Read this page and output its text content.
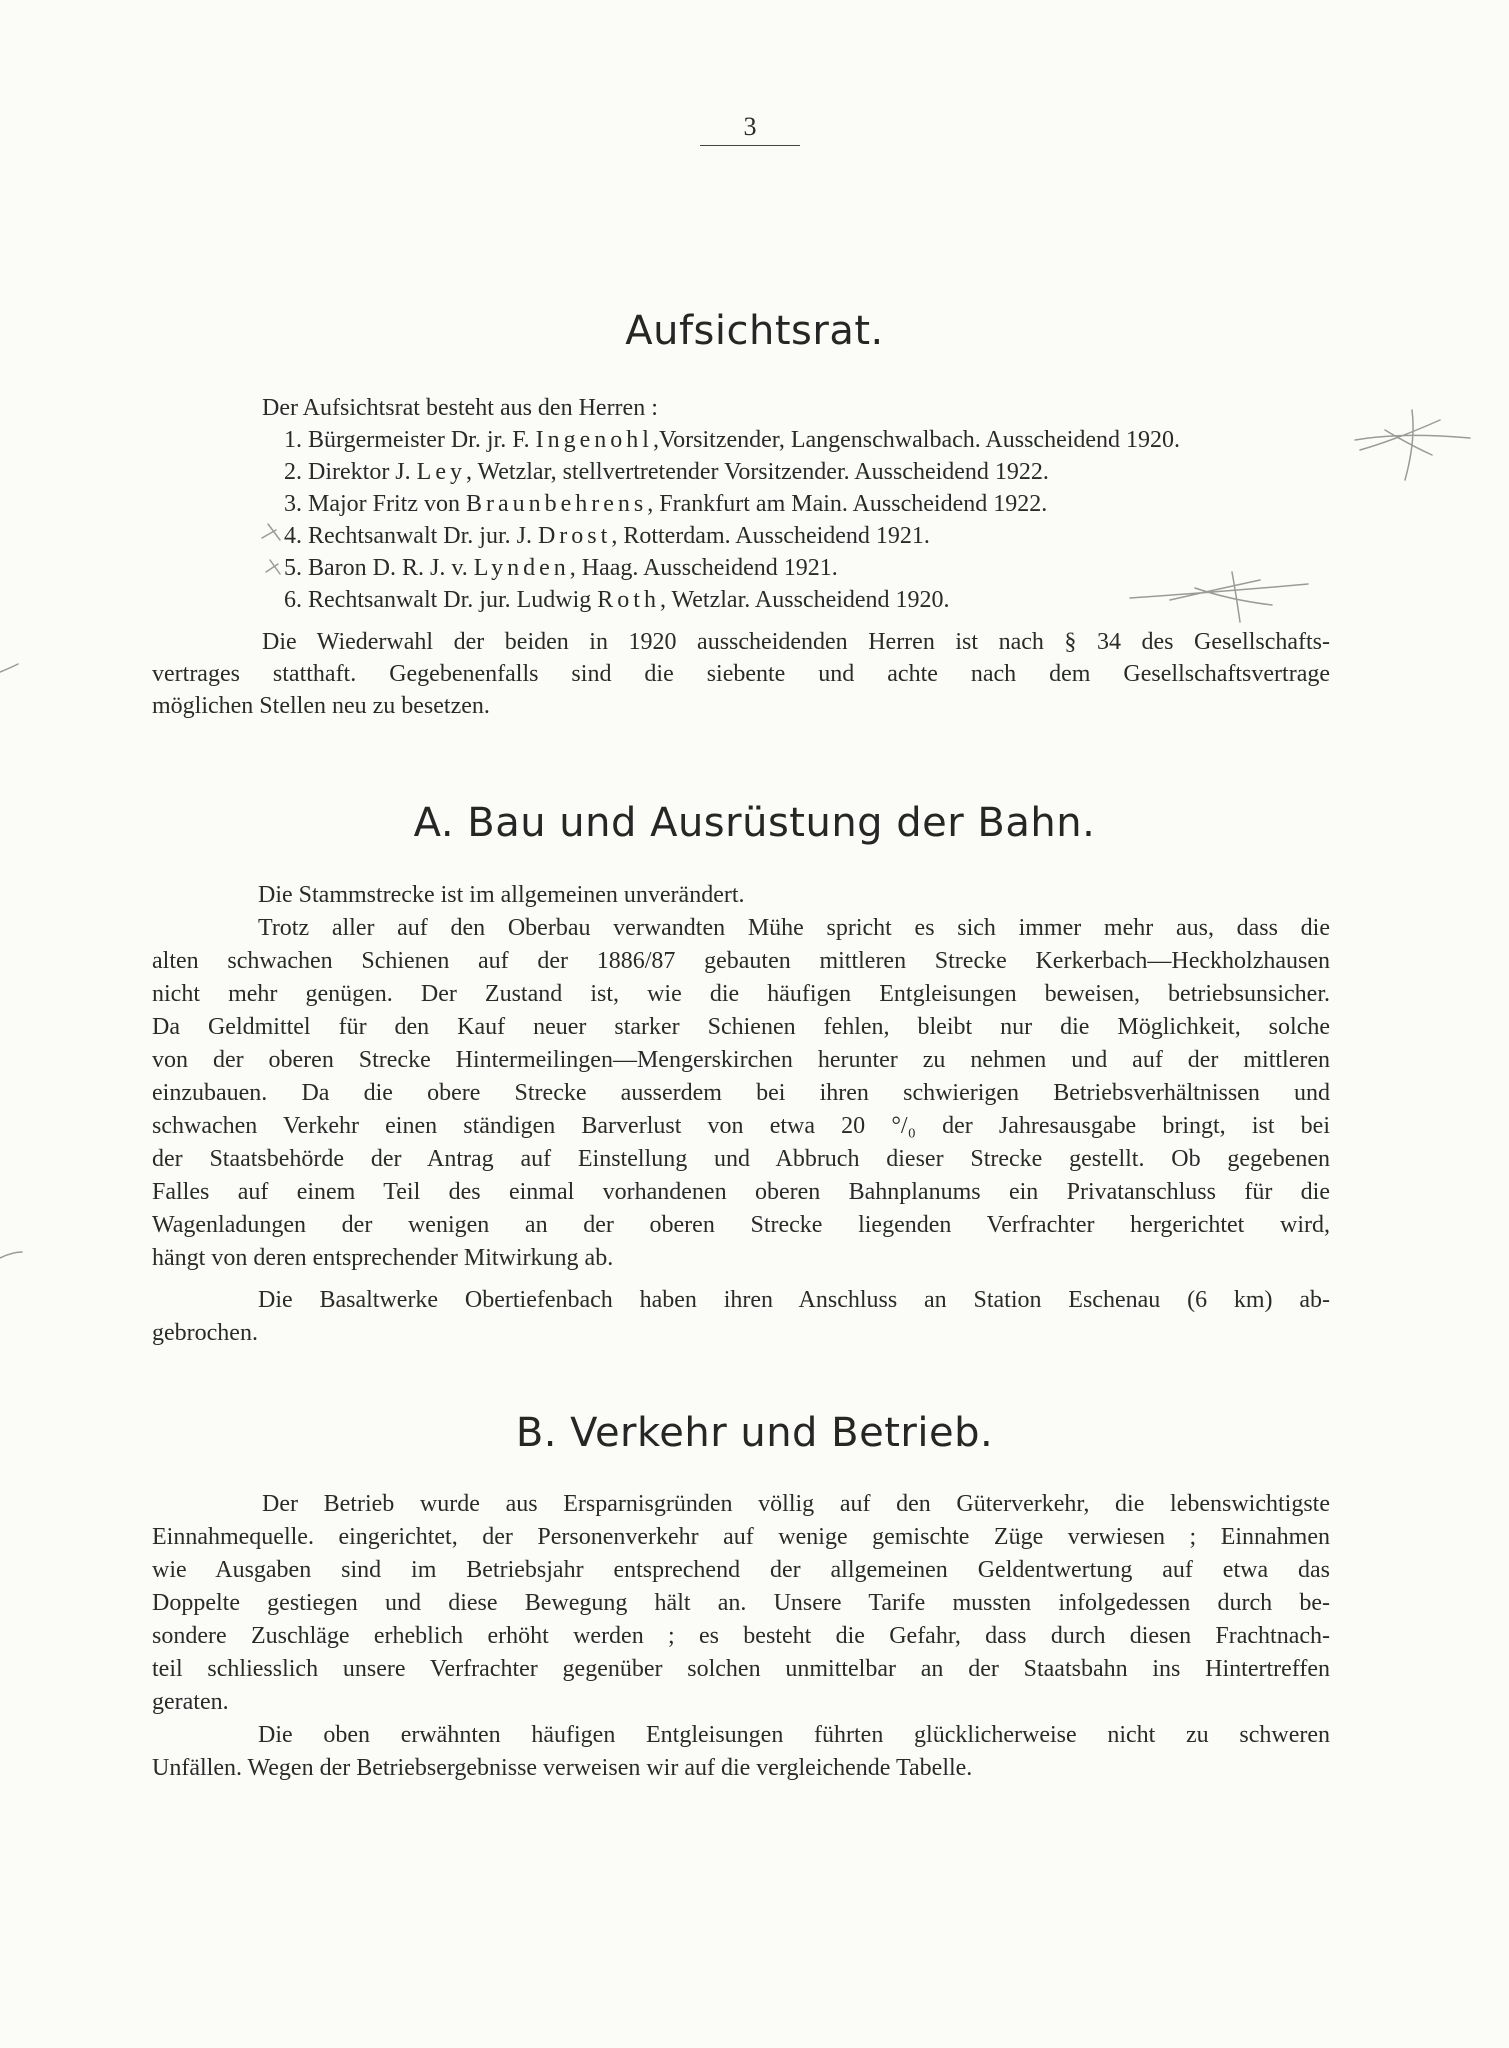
3
Aufsichtsrat.

Der Aufsichtsrat besteht aus den Herren :

1. Bürgermeister Dr. jr. F. Ingenohl,Vorsitzender, Langenschwalbach. Ausscheidend 1920.

2. Direktor J. Ley, Wetzlar, stellvertretender Vorsitzender. Ausscheidend 1922.

3. Major Fritz von Braunbehrens, Frankfurt am Main. Ausscheidend 1922.

4. Rechtsanwalt Dr. jur. J. Drost, Rotterdam. Ausscheidend 1921.

5. Baron D. R. J. v. Lynden, Haag. Ausscheidend 1921.

6. Rechtsanwalt Dr. jur. Ludwig Roth, Wetzlar. Ausscheidend 1920.

Die Wiederwahl der beiden in 1920 ausscheidenden Herren ist nach § 34 des Gesellschafts-

vertrages statthaft. Gegebenenfalls sind die siebente und achte nach dem Gesellschaftsvertrage

möglichen Stellen neu zu besetzen.

A. Bau und Ausrüstung der Bahn.

Die Stammstrecke ist im allgemeinen unverändert.

Trotz aller auf den Oberbau verwandten Mühe spricht es sich immer mehr aus, dass die

alten schwachen Schienen auf der 1886/87 gebauten mittleren Strecke Kerkerbach—Heckholzhausen

nicht mehr genügen. Der Zustand ist, wie die häufigen Entgleisungen beweisen, betriebsunsicher.

Da Geldmittel für den Kauf neuer starker Schienen fehlen, bleibt nur die Möglichkeit, solche

von der oberen Strecke Hintermeilingen—Mengerskirchen herunter zu nehmen und auf der mittleren

einzubauen. Da die obere Strecke ausserdem bei ihren schwierigen Betriebsverhältnissen und

schwachen Verkehr einen ständigen Barverlust von etwa 20 °/₀ der Jahresausgabe bringt, ist bei

der Staatsbehörde der Antrag auf Einstellung und Abbruch dieser Strecke gestellt. Ob gegebenen

Falles auf einem Teil des einmal vorhandenen oberen Bahnplanums ein Privatanschluss für die

Wagenladungen der wenigen an der oberen Strecke liegenden Verfrachter hergerichtet wird,

hängt von deren entsprechender Mitwirkung ab.

Die Basaltwerke Obertiefenbach haben ihren Anschluss an Station Eschenau (6 km) ab-

gebrochen.

B. Verkehr und Betrieb.

Der Betrieb wurde aus Ersparnisgründen völlig auf den Güterverkehr, die lebenswichtigste

Einnahmequelle. eingerichtet, der Personenverkehr auf wenige gemischte Züge verwiesen ; Einnahmen

wie Ausgaben sind im Betriebsjahr entsprechend der allgemeinen Geldentwertung auf etwa das

Doppelte gestiegen und diese Bewegung hält an. Unsere Tarife mussten infolgedessen durch be-

sondere Zuschläge erheblich erhöht werden ; es besteht die Gefahr, dass durch diesen Frachtnach-

teil schliesslich unsere Verfrachter gegenüber solchen unmittelbar an der Staatsbahn ins Hintertreffen

geraten.

Die oben erwähnten häufigen Entgleisungen führten glücklicherweise nicht zu schweren

Unfällen. Wegen der Betriebsergebnisse verweisen wir auf die vergleichende Tabelle.
